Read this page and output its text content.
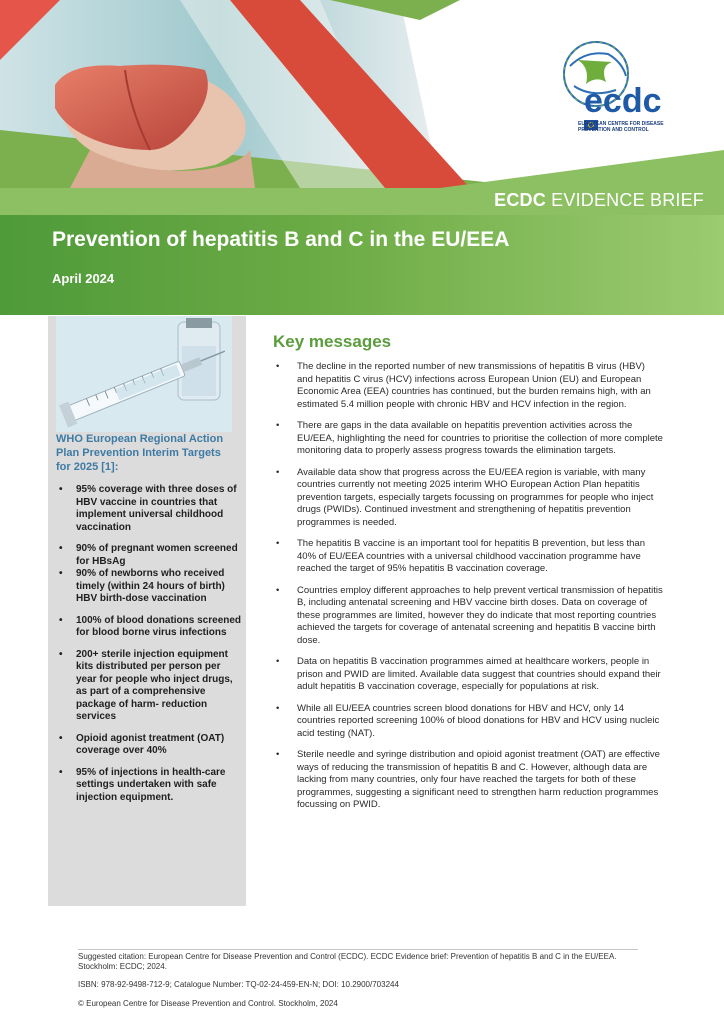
ecdc
EUROPEAN CENTRE FOR DISEASE PREVENTION AND CONTROL
ECDC EVIDENCE BRIEF
Prevention of hepatitis B and C in the EU/EEA
April 2024
WHO European Regional Action Plan Prevention Interim Targets for 2025 [1]:
• 95% coverage with three doses of HBV vaccine in countries that implement universal childhood vaccination
• 90% of pregnant women screened for HBsAg
• 90% of newborns who received timely (within 24 hours of birth) HBV birth-dose vaccination
• 100% of blood donations screened for blood borne virus infections
• 200+ sterile injection equipment kits distributed per person per year for people who inject drugs, as part of a comprehensive package of harm- reduction services
• Opioid agonist treatment (OAT) coverage over 40%
• 95% of injections in health-care settings undertaken with safe injection equipment.
Key messages
• The decline in the reported number of new transmissions of hepatitis B virus (HBV) and hepatitis C virus (HCV) infections across European Union (EU) and European Economic Area (EEA) countries has continued, but the burden remains high, with an estimated 5.4 million people with chronic HBV and HCV infection in the region.
• There are gaps in the data available on hepatitis prevention activities across the EU/EEA, highlighting the need for countries to prioritise the collection of more complete monitoring data to properly assess progress towards the elimination targets.
• Available data show that progress across the EU/EEA region is variable, with many countries currently not meeting 2025 interim WHO European Action Plan hepatitis prevention targets, especially targets focussing on programmes for people who inject drugs (PWIDs). Continued investment and strengthening of hepatitis prevention programmes is needed.
• The hepatitis B vaccine is an important tool for hepatitis B prevention, but less than 40% of EU/EEA countries with a universal childhood vaccination programme have reached the target of 95% hepatitis B vaccination coverage.
• Countries employ different approaches to help prevent vertical transmission of hepatitis B, including antenatal screening and HBV vaccine birth doses. Data on coverage of these programmes are limited, however they do indicate that most reporting countries achieved the targets for coverage of antenatal screening and hepatitis B vaccine birth dose.
• Data on hepatitis B vaccination programmes aimed at healthcare workers, people in prison and PWID are limited. Available data suggest that countries should expand their adult hepatitis B vaccination coverage, especially for populations at risk.
• While all EU/EEA countries screen blood donations for HBV and HCV, only 14 countries reported screening 100% of blood donations for HBV and HCV using nucleic acid testing (NAT).
• Sterile needle and syringe distribution and opioid agonist treatment (OAT) are effective ways of reducing the transmission of hepatitis B and C. However, although data are lacking from many countries, only four have reached the targets for both of these programmes, suggesting a significant need to strengthen harm reduction programmes focussing on PWID.
Suggested citation: European Centre for Disease Prevention and Control (ECDC). ECDC Evidence brief: Prevention of hepatitis B and C in the EU/EEA. Stockholm: ECDC; 2024.
ISBN: 978-92-9498-712-9; Catalogue Number: TQ-02-24-459-EN-N; DOI: 10.2900/703244
© European Centre for Disease Prevention and Control. Stockholm, 2024
